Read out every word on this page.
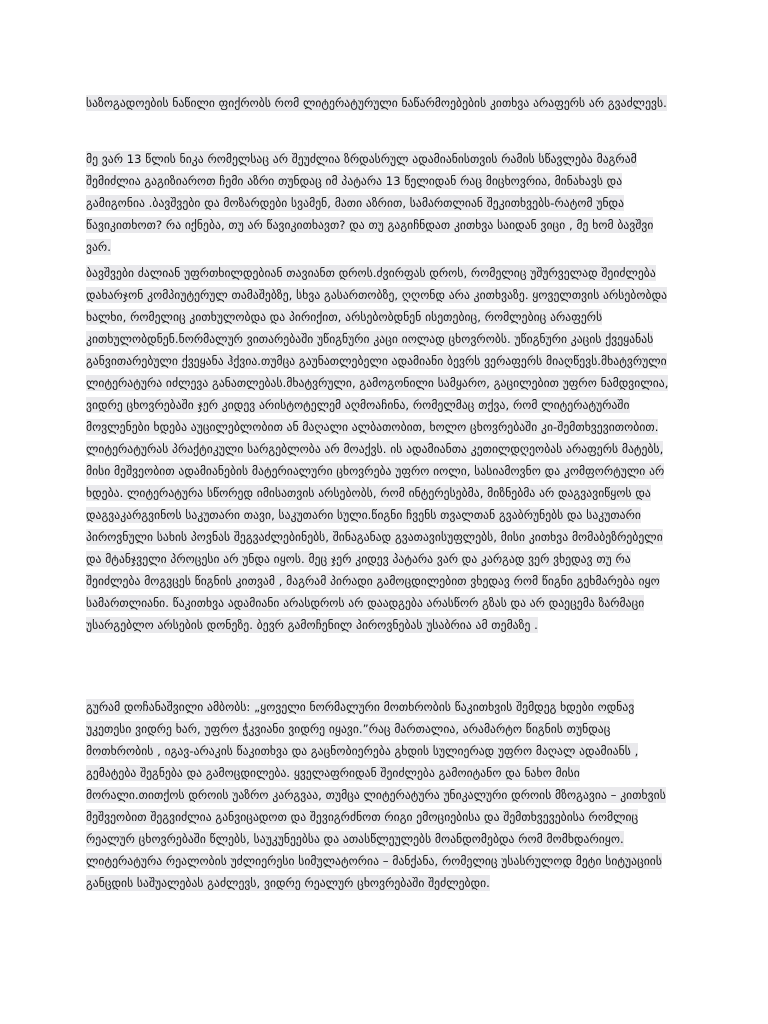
საზოგადოების ნაწილი ფიქრობს რომ ლიტერატურული ნაწარმოებების კითხვა არაფერს არ გვაძლევს.
მე ვარ 13 წლის ნიკა რომელსაც არ შეუძლია ზრდასრულ ადამიანისთვის რამის სწავლება მაგრამ შემიძლია გაგიზიაროთ ჩემი აზრი თუნდაც იმ პატარა 13 წელიდან რაც მიცხოვრია, მინახავს და გამიგონია .ბავშვები და მოზარდები სვამენ, მათი აზრით, სამართლიან შეკითხვებს-რატომ უნდა წავიკითხოთ? რა იქნება, თუ არ წავიკითხავთ? და თუ გაგიჩნდათ კითხვა საიდან ვიცი , მე ხომ ბავშვი ვარ.
ბავშვები ძალიან უფრთხილდებიან თავიანთ დროს.ძვირფას დროს, რომელიც უშურველად შეიძლება დახარჯონ კომპიუტერულ თამაშებზე, სხვა გასართობზე, ღღონდ არა კითხვაზე. ყოველთვის არსებობდა ხალხი, რომელიც კითხულობდა და პირიქით, არსებობდნენ ისეთებიც, რომლებიც არაფერს კითხულობდნენ.ნორმალურ ვითარებაში უწიგნური კაცი იოლად ცხოვრობს. უწიგნური კაცის ქვეყანას განვითარებული ქვეყანა ჰქვია.თუმცა გაუნათლებელი ადამიანი ბევრს ვერაფერს მიაღწევს.მხატვრული ლიტერატურა იძლევა განათლებას.მხატვრული, გამოგონილი სამყარო, გაცილებით უფრო ნამდვილია, ვიდრე ცხოვრებაში ჯერ კიდევ არისტოტელემ აღმოაჩინა, რომელმაც თქვა, რომ ლიტერატურაში მოვლენები ხდება აუცილებლობით ან მაღალი ალბათობით, ხოლო ცხოვრებაში კი-შემთხვევითობით. ლიტერატურას პრაქტიკული სარგებლობა არ მოაქვს. ის ადამიანთა კეთილდღეობას არაფერს მატებს, მისი მეშვეობით ადამიანების მატერიალური ცხოვრება უფრო იოლი, სასიამოვნო და კომფორტული არ ხდება. ლიტერატურა სწორედ იმისათვის არსებობს, რომ ინტერესებმა, მიზნებმა არ დაგვავიწყოს და დაგვაკარგვინოს საკუთარი თავი, საკუთარი სული.წიგნი ჩვენს თვალთან გვაბრუნებს და საკუთარი პიროვნული სახის პოვნას შეგვაძლებინებს, შინაგანად გვათავისუფლებს, მისი კითხვა მომაბეზრებელი და მტანჯველი პროცესი არ უნდა იყოს. მეც ჯერ კიდევ პატარა ვარ და კარგად ვერ ვხედავ თუ რა შეიძლება მოგვცეს წიგნის კითვამ , მაგრამ პირადი გამოცდილებით ვხედავ რომ წიგნი გეხმარება იყო სამართლიანი. წაკითხვა ადამიანი არასდროს არ დაადგება არასწორ გზას და არ დაეცემა ზარმაცი უსარგებლო არსების დონეზე. ბევრ გამოჩენილ პიროვნებას უსაბრია ამ თემაზე .
გურამ დოჩანაშვილი ამბობს: „ყოველი ნორმალური მოთხრობის წაკითხვის შემდეგ ხდები ოდნავ უკეთესი ვიდრე ხარ, უფრო ჭკვიანი ვიდრე იყავი.”რაც მართალია, არამარტო წიგნის თუნდაც მოთხრობის , იგავ-არაკის წაკითხვა და გაცნობიერება გხდის სულიერად უფრო მაღალ ადამიანს , გემატება შეგნება და გამოცდილება. ყველაფრიდან შეიძლება გამოიტანო და ნახო მისი მორალი.თითქოს დროის უაზრო კარგვაა, თუმცა ლიტერატურა უნიკალური დროის მზოგავია – კითხვის მეშვეობით შეგვიძლია განვიცადოთ და შევიგრძნოთ რიგი ემოციებისა და შემთხვევებისა რომლიც რეალურ ცხოვრებაში წლებს, საუკუნეებსა და ათასწლეულებს მოანდომებდა რომ მომხდარიყო. ლიტერატურა რეალობის უძლიერესი სიმულატორია – მანქანა, რომელიც უსასრულოდ მეტი სიტუაციის განცდის საშუალებას გაძლევს, ვიდრე რეალურ ცხოვრებაში შეძლებდი.
